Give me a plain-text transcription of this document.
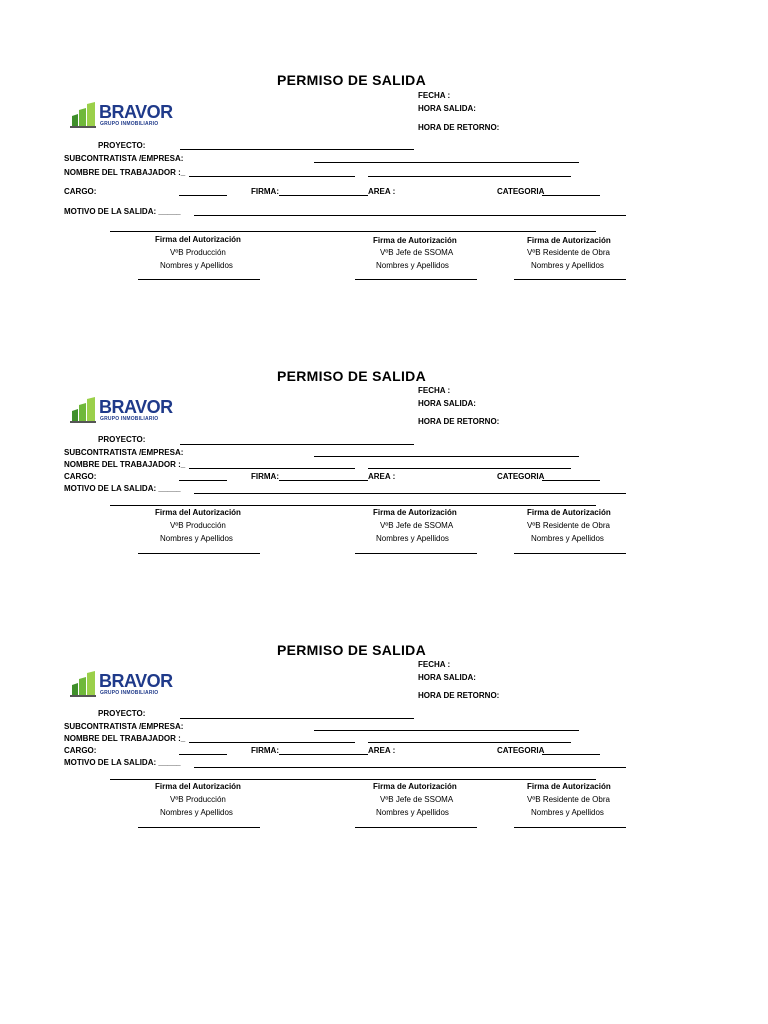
PERMISO DE SALIDA
BRAVOR
GRUPO INMOBILIARIO
FECHA :
HORA SALIDA:
HORA DE RETORNO:
PROYECTO:
SUBCONTRATISTA /EMPRESA:
NOMBRE DEL TRABAJADOR :_
CARGO:	FIRMA:	AREA :	CATEGORIA
MOTIVO DE LA SALIDA: _____
Firma del Autorización
VºB Producción
Nombres y Apellidos
Firma de Autorización
VºB Jefe de SSOMA
Nombres y Apellidos
Firma de Autorización
VºB Residente de Obra
Nombres y Apellidos
PERMISO DE SALIDA
BRAVOR
GRUPO INMOBILIARIO
FECHA :
HORA SALIDA:
HORA DE RETORNO:
PROYECTO:
SUBCONTRATISTA /EMPRESA:
NOMBRE DEL TRABAJADOR :_
CARGO:	FIRMA:	AREA :	CATEGORIA
MOTIVO DE LA SALIDA: _____
Firma del Autorización
VºB Producción
Nombres y Apellidos
Firma de Autorización
VºB Jefe de SSOMA
Nombres y Apellidos
Firma de Autorización
VºB Residente de Obra
Nombres y Apellidos
PERMISO DE SALIDA
BRAVOR
GRUPO INMOBILIARIO
FECHA :
HORA SALIDA:
HORA DE RETORNO:
PROYECTO:
SUBCONTRATISTA /EMPRESA:
NOMBRE DEL TRABAJADOR :_
CARGO:	FIRMA:	AREA :	CATEGORIA
MOTIVO DE LA SALIDA: _____
Firma del Autorización
VºB Producción
Nombres y Apellidos
Firma de Autorización
VºB Jefe de SSOMA
Nombres y Apellidos
Firma de Autorización
VºB Residente de Obra
Nombres y Apellidos
